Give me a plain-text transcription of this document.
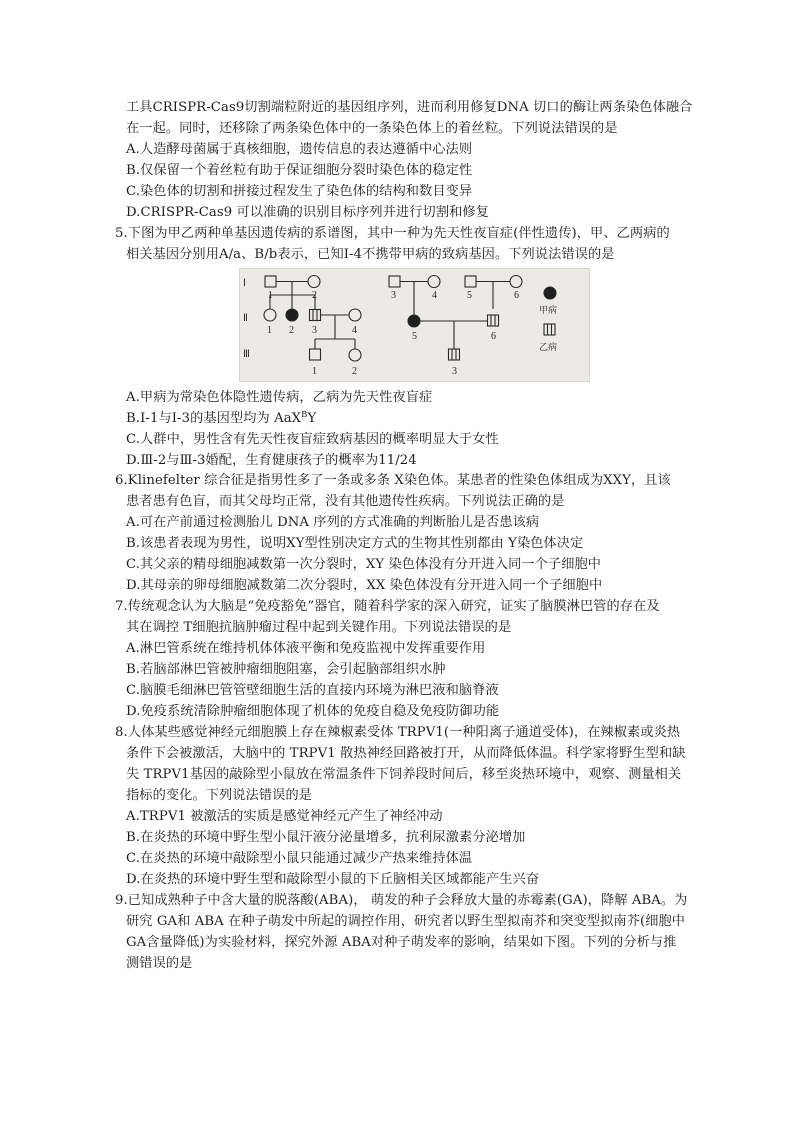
工具CRISPR-Cas9切割端粒附近的基因组序列，进而利用修复DNA 切口的酶让两条染色体融合
在一起。同时，还移除了两条染色体中的一条染色体上的着丝粒。下列说法错误的是
A.人造酵母菌属于真核细胞，遗传信息的表达遵循中心法则
B.仅保留一个着丝粒有助于保证细胞分裂时染色体的稳定性
C.染色体的切割和拼接过程发生了染色体的结构和数目变异
D.CRISPR-Cas9 可以准确的识别目标序列并进行切割和修复
5.下图为甲乙两种单基因遗传病的系谱图，其中一种为先天性夜盲症(伴性遗传)，甲、乙两病的
相关基因分别用A/a、B/b表示，已知Ⅰ-4不携带甲病的致病基因。下列说法错误的是
Ⅰ
Ⅱ
Ⅲ
1	2
1 2 3	4
1	2
3	4	5	6
5	6
3
甲病
乙病
A.甲病为常染色体隐性遗传病，乙病为先天性夜盲症
B.Ⅰ-1与Ⅰ-3的基因型均为 AaX$^B$Y
C.人群中，男性含有先天性夜盲症致病基因的概率明显大于女性
D.Ⅲ-2与Ⅲ-3婚配，生育健康孩子的概率为11/24
6.Klinefelter 综合征是指男性多了一条或多条 X染色体。某患者的性染色体组成为XXY，且该
患者患有色盲，而其父母均正常，没有其他遗传性疾病。下列说法正确的是
A.可在产前通过检测胎儿 DNA 序列的方式准确的判断胎儿是否患该病
B.该患者表现为男性，说明XY型性别决定方式的生物其性别都由 Y染色体决定
C.其父亲的精母细胞减数第一次分裂时，XY 染色体没有分开进入同一个子细胞中
D.其母亲的卵母细胞减数第二次分裂时，XX 染色体没有分开进入同一个子细胞中
7.传统观念认为大脑是“免疫豁免”器官，随着科学家的深入研究，证实了脑膜淋巴管的存在及
其在调控 T细胞抗脑肿瘤过程中起到关键作用。下列说法错误的是
A.淋巴管系统在维持机体体液平衡和免疫监视中发挥重要作用
B.若脑部淋巴管被肿瘤细胞阻塞，会引起脑部组织水肿
C.脑膜毛细淋巴管管壁细胞生活的直接内环境为淋巴液和脑脊液
D.免疫系统清除肿瘤细胞体现了机体的免疫自稳及免疫防御功能
8.人体某些感觉神经元细胞膜上存在辣椒素受体 TRPV1(一种阳离子通道受体)，在辣椒素或炎热
条件下会被激活，大脑中的 TRPV1 散热神经回路被打开，从而降低体温。科学家将野生型和缺
失 TRPV1基因的敲除型小鼠放在常温条件下饲养段时间后，移至炎热环境中，观察、测量相关
指标的变化。下列说法错误的是
A.TRPV1 被激活的实质是感觉神经元产生了神经冲动
B.在炎热的环境中野生型小鼠汗液分泌量增多，抗利尿激素分泌增加
C.在炎热的环境中敲除型小鼠只能通过减少产热来维持体温
D.在炎热的环境中野生型和敲除型小鼠的下丘脑相关区域都能产生兴奋
9.已知成熟种子中含大量的脱落酸(ABA)， 萌发的种子会释放大量的赤霉素(GA)，降解 ABA。为
研究 GA和 ABA 在种子萌发中所起的调控作用，研究者以野生型拟南芥和突变型拟南芥(细胞中
GA含量降低)为实验材料，探究外源 ABA对种子萌发率的影响，结果如下图。下列的分析与推
测错误的是
